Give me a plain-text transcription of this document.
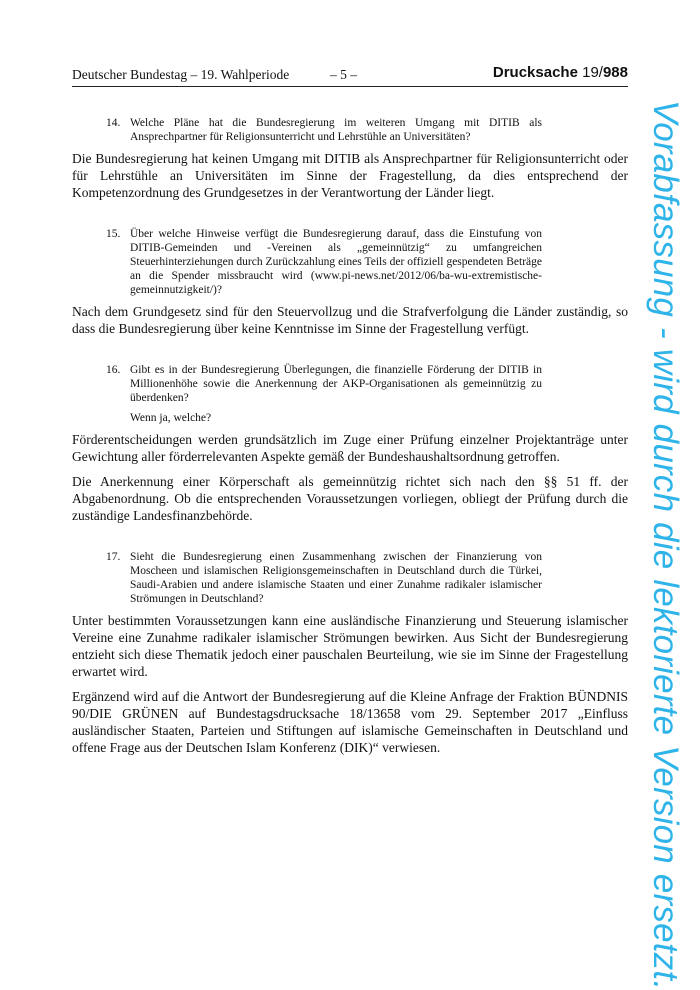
Deutscher Bundestag – 19. Wahlperiode	– 5 –	Drucksache 19/988
14. Welche Pläne hat die Bundesregierung im weiteren Umgang mit DITIB als Ansprechpartner für Religionsunterricht und Lehrstühle an Universitäten?
Die Bundesregierung hat keinen Umgang mit DITIB als Ansprechpartner für Religionsunterricht oder für Lehrstühle an Universitäten im Sinne der Fragestellung, da dies entsprechend der Kompetenzordnung des Grundgesetzes in der Verantwortung der Länder liegt.
15. Über welche Hinweise verfügt die Bundesregierung darauf, dass die Einstufung von DITIB-Gemeinden und -Vereinen als „gemeinnützig“ zu umfangreichen Steuerhinterziehungen durch Zurückzahlung eines Teils der offiziell gespendeten Beträge an die Spender missbraucht wird (www.pi-news.net/2012/06/ba-wu-extremistische-gemeinnutzigkeit/)?
Nach dem Grundgesetz sind für den Steuervollzug und die Strafverfolgung die Länder zuständig, so dass die Bundesregierung über keine Kenntnisse im Sinne der Fragestellung verfügt.
16. Gibt es in der Bundesregierung Überlegungen, die finanzielle Förderung der DITIB in Millionenhöhe sowie die Anerkennung der AKP-Organisationen als gemeinnützig zu überdenken?
Wenn ja, welche?
Förderentscheidungen werden grundsätzlich im Zuge einer Prüfung einzelner Projektanträge unter Gewichtung aller förderrelevanten Aspekte gemäß der Bundeshaushaltsordnung getroffen.
Die Anerkennung einer Körperschaft als gemeinnützig richtet sich nach den §§ 51 ff. der Abgabenordnung. Ob die entsprechenden Voraussetzungen vorliegen, obliegt der Prüfung durch die zuständige Landesfinanzbehörde.
17. Sieht die Bundesregierung einen Zusammenhang zwischen der Finanzierung von Moscheen und islamischen Religionsgemeinschaften in Deutschland durch die Türkei, Saudi-Arabien und andere islamische Staaten und einer Zunahme radikaler islamischer Strömungen in Deutschland?
Unter bestimmten Voraussetzungen kann eine ausländische Finanzierung und Steuerung islamischer Vereine eine Zunahme radikaler islamischer Strömungen bewirken. Aus Sicht der Bundesregierung entzieht sich diese Thematik jedoch einer pauschalen Beurteilung, wie sie im Sinne der Fragestellung erwartet wird.
Ergänzend wird auf die Antwort der Bundesregierung auf die Kleine Anfrage der Fraktion BÜNDNIS 90/DIE GRÜNEN auf Bundestagsdrucksache 18/13658 vom 29. September 2017 „Einfluss ausländischer Staaten, Parteien und Stiftungen auf islamische Gemeinschaften in Deutschland und offene Frage aus der Deutschen Islam Konferenz (DIK)“ verwiesen.	Vorabfassung - wird durch die lektorierte Version ersetzt.
